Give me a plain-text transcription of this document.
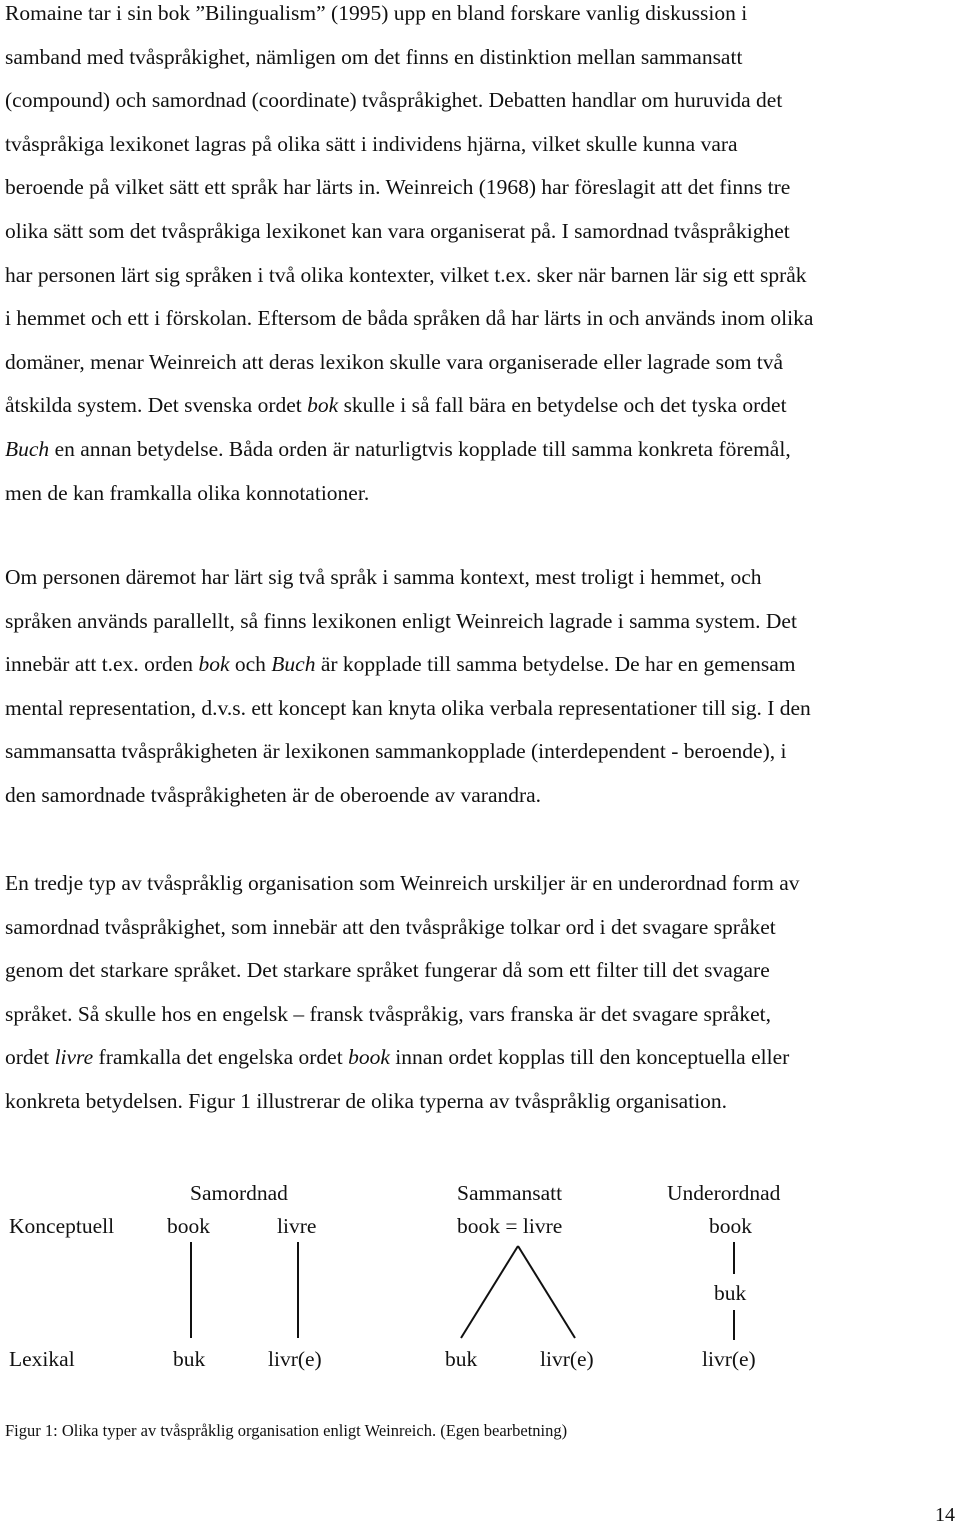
Romaine tar i sin bok ”Bilingualism” (1995) upp en bland forskare vanlig diskussion i
samband med tvåspråkighet, nämligen om det finns en distinktion mellan sammansatt
(compound) och samordnad (coordinate) tvåspråkighet. Debatten handlar om huruvida det
tvåspråkiga lexikonet lagras på olika sätt i individens hjärna, vilket skulle kunna vara
beroende på vilket sätt ett språk har lärts in. Weinreich (1968) har föreslagit att det finns tre
olika sätt som det tvåspråkiga lexikonet kan vara organiserat på. I samordnad tvåspråkighet
har personen lärt sig språken i två olika kontexter, vilket t.ex. sker när barnen lär sig ett språk
i hemmet och ett i förskolan. Eftersom de båda språken då har lärts in och används inom olika
domäner, menar Weinreich att deras lexikon skulle vara organiserade eller lagrade som två
åtskilda system. Det svenska ordet bok skulle i så fall bära en betydelse och det tyska ordet
Buch en annan betydelse. Båda orden är naturligtvis kopplade till samma konkreta föremål,
men de kan framkalla olika konnotationer.
Om personen däremot har lärt sig två språk i samma kontext, mest troligt i hemmet, och
språken används parallellt, så finns lexikonen enligt Weinreich lagrade i samma system. Det
innebär att t.ex. orden bok och Buch är kopplade till samma betydelse. De har en gemensam
mental representation, d.v.s. ett koncept kan knyta olika verbala representationer till sig. I den
sammansatta tvåspråkigheten är lexikonen sammankopplade (interdependent - beroende), i
den samordnade tvåspråkigheten är de oberoende av varandra.
En tredje typ av tvåspråklig organisation som Weinreich urskiljer är en underordnad form av
samordnad tvåspråkighet, som innebär att den tvåspråkige tolkar ord i det svagare språket
genom det starkare språket. Det starkare språket fungerar då som ett filter till det svagare
språket. Så skulle hos en engelsk – fransk tvåspråkig, vars franska är det svagare språket,
ordet livre framkalla det engelska ordet book innan ordet kopplas till den konceptuella eller
konkreta betydelsen. Figur 1 illustrerar de olika typerna av tvåspråklig organisation.
Samordnad	Sammansatt	Underordnad
Konceptuell book	livre	book = livre	book
buk
Lexikal	buk	livr(e)	buk	livr(e)	livr(e)
Figur 1: Olika typer av tvåspråklig organisation enligt Weinreich. (Egen bearbetning)
14
